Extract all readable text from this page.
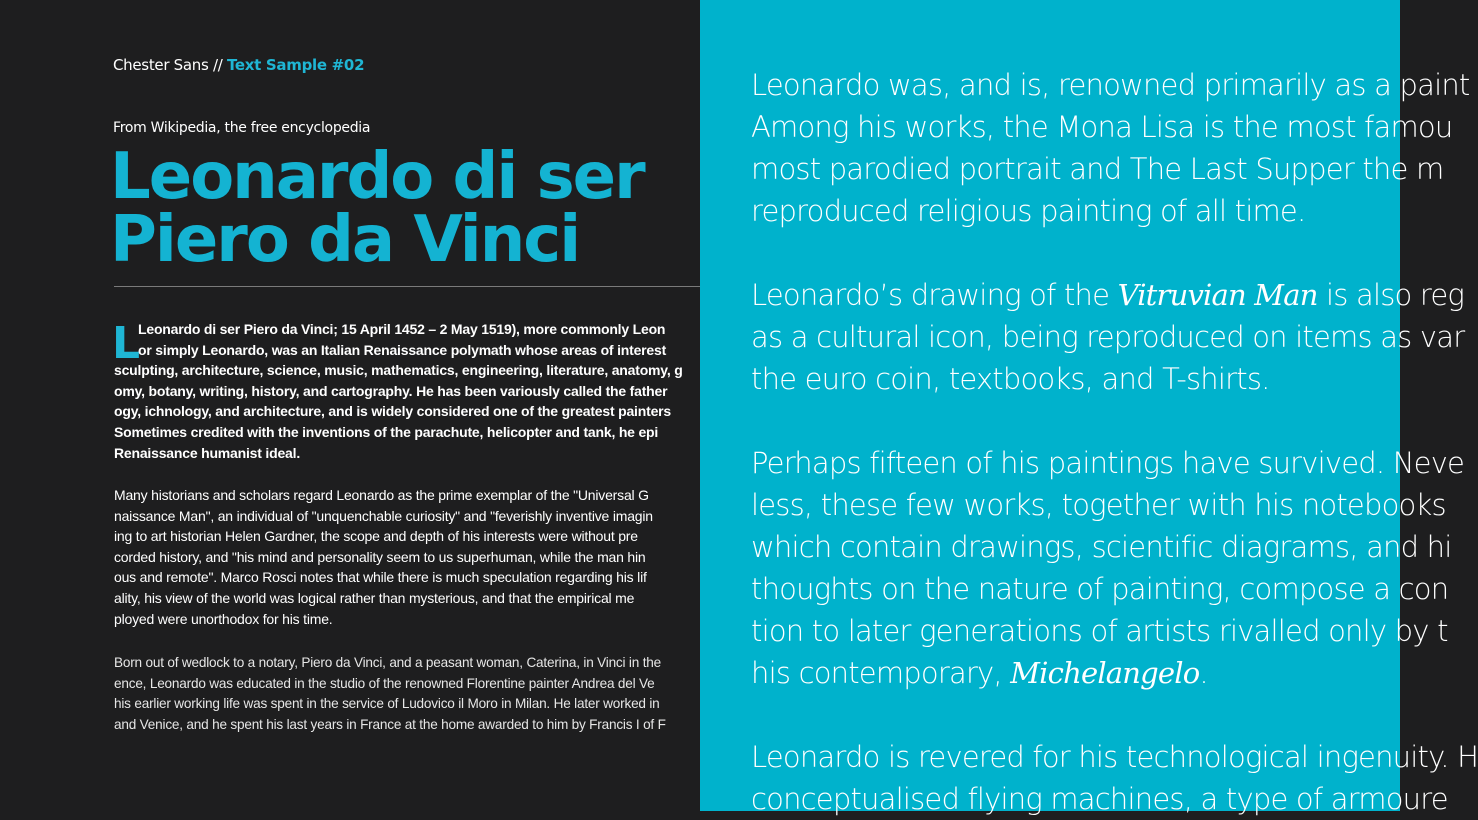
Chester Sans // Text Sample #02
From Wikipedia, the free encyclopedia
Leonardo di ser
Piero da Vinci
L
Leonardo di ser Piero da Vinci; 15 April 1452 – 2 May 1519), more commonly Leon
or simply Leonardo, was an Italian Renaissance polymath whose areas of interest
sculpting, architecture, science, music, mathematics, engineering, literature, anatomy, g
omy, botany, writing, history, and cartography. He has been variously called the father
ogy, ichnology, and architecture, and is widely considered one of the greatest painters
Sometimes credited with the inventions of the parachute, helicopter and tank, he epi
Renaissance humanist ideal.
Many historians and scholars regard Leonardo as the prime exemplar of the "Universal G
naissance Man", an individual of "unquenchable curiosity" and "feverishly inventive imagin
ing to art historian Helen Gardner, the scope and depth of his interests were without pre
corded history, and "his mind and personality seem to us superhuman, while the man hin
ous and remote". Marco Rosci notes that while there is much speculation regarding his lif
ality, his view of the world was logical rather than mysterious, and that the empirical me
ployed were unorthodox for his time.
Born out of wedlock to a notary, Piero da Vinci, and a peasant woman, Caterina, in Vinci in the
ence, Leonardo was educated in the studio of the renowned Florentine painter Andrea del Ve
his earlier working life was spent in the service of Ludovico il Moro in Milan. He later worked in
and Venice, and he spent his last years in France at the home awarded to him by Francis I of F
Leonardo was, and is, renowned primarily as a paint
Among his works, the Mona Lisa is the most famou
most parodied portrait and The Last Supper the m
reproduced religious painting of all time.
Leonardo’s drawing of the Vitruvian Man is also reg
as a cultural icon, being reproduced on items as var
the euro coin, textbooks, and T-shirts.
Perhaps fifteen of his paintings have survived. Neve
less, these few works, together with his notebooks
which contain drawings, scientific diagrams, and hi
thoughts on the nature of painting, compose a con
tion to later generations of artists rivalled only by t
his contemporary, Michelangelo.
Leonardo is revered for his technological ingenuity. H
conceptualised flying machines, a type of armoure
